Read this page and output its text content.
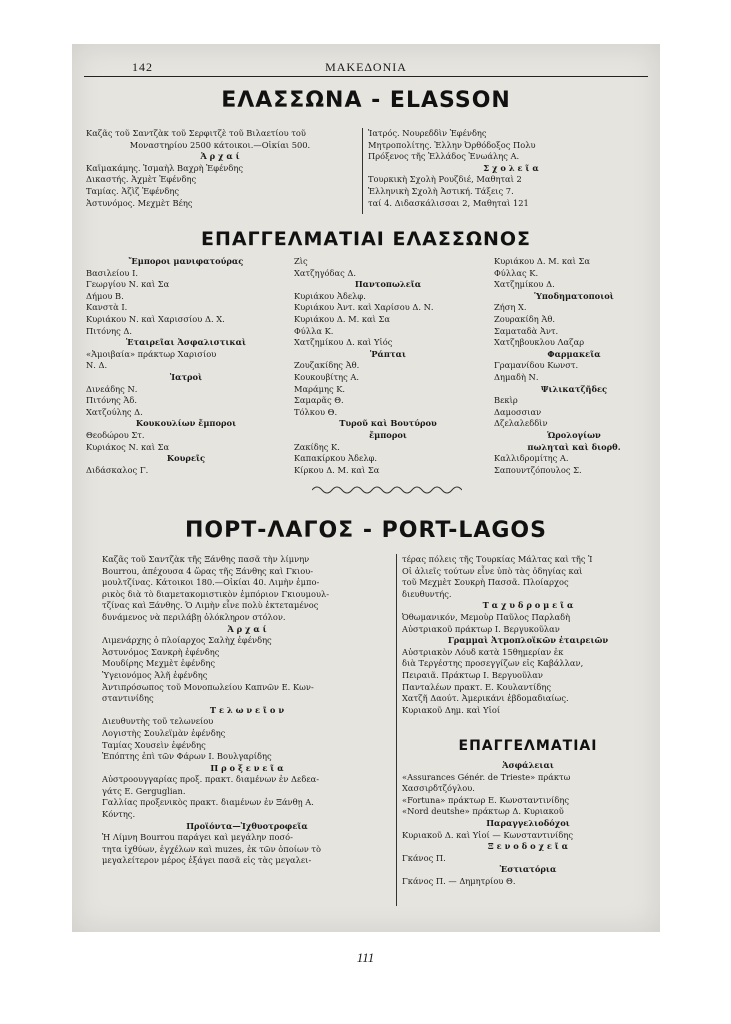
142	ΜΑΚΕΔΟΝΙΑ
ΕΛΑΣΣΩΝΑ - ELASSON
Καζᾶς τοῦ Σαντζὰκ τοῦ Σερφιτζὲ τοῦ Βιλαετίου τοῦ
Μοναστηρίου 2500 κάτοικοι.—Οἰκίαι 500.
Ἀ ρ χ α ί
Καϊμακάμης. Ἰσμαὴλ Βαχρὴ Ἐφένδης
Δικαστής. Ἀχμὲτ Ἐφένδης
Ταμίας. Ἀζὶζ Ἐφένδης
Ἀστυνόμος. Μεχμὲτ Βέης
Ἰατρός. Νουρεδδὶν Ἐφένδης
Μητροπολίτης. Ἑλλην Ὀρθόδοξος Πολυ
Πρόξενος τῆς Ἑλλάδος Ἐνωάλης Α.
Σ χ ο λ ε ῖ α
Τουρκικὴ Σχολὴ Ρουζδιέ, Μαθηταὶ 2
Ἑλληνικὴ Σχολὴ Ἀστική. Τάξεις 7.
ταί 4. Διδασκάλισσαι 2, Μαθηταὶ 121
ΕΠΑΓΓΕΛΜΑΤΙΑΙ ΕΛΑΣΣΩΝΟΣ
Ἔμποροι μανιφατούρας
Βασιλείου Ι.
Γεωργίου Ν. καὶ Σα
Δήμου Β.
Κανστὰ Ι.
Κυριάκου Ν. καὶ Χαρισσίου Δ. Χ.
Πιτόνης Δ.
Ἑταιρεῖαι Ἀσφαλιστικαὶ
«Ἀμοιβαία» πράκτωρ Χαρισίου
Ν. Δ.
Ἰατροὶ
Δινεάδης Ν.
Πιτόνης Ἀδ.
Χατζούλης Δ.
Κουκουλίων ἔμποροι
Θεοδώρου Στ.
Κυριάκος Ν. καὶ Σα
Κουρεῖς
Διδάσκαλος Γ.
Ζὶς
Χατζηγόδας Δ.
Παντοπωλεῖα
Κυριάκου Ἀδελφ.
Κυριάκου Ἀντ. καὶ Χαρίσου Δ. Ν.
Κυριάκου Δ. Μ. καὶ Σα
Φύλλα Κ.
Χατζημίκου Δ. καὶ Υἱός
Ῥάπται
Ζουζακίδης Ἀθ.
Κουκουβίτης Α.
Μαράμης Κ.
Σαμαρᾶς Θ.
Τόλκου Θ.
Τυροῦ καὶ Βουτύρου
ἔμποροι
Ζακίδης Κ.
Καπακίρκου Ἀδελφ.
Κίρκου Δ. Μ. καὶ Σα
Κυριάκου Δ. Μ. καὶ Σα
Φύλλας Κ.
Χατζημίκου Δ.
Ὑποδηματοποιοὶ
Ζήση Χ.
Ζουρακίδη Ἀθ.
Σαματαδὰ Ἀντ.
Χατζηβουκλου Λαζαρ
Φαρμακεῖα
Γραμανίδου Κωνστ.
Δημαδὴ Ν.
Ψιλικατζῆδες
Βεκὶρ
Δαμοσσιαν
Δζελαλεδδὶν
Ὡρολογίων
πωληταὶ καὶ διορθ.
Καλλιδρομίτης Α.
Σαπουντζόπουλος Σ.
ΠΟΡΤ-ΛΑΓΟΣ - PORT-LAGOS
Καζᾶς τοῦ Σαντζὰκ τῆς Ξάνθης πασᾶ τὴν λίμνην
Bourrou, ἀπέχουσα 4 ὥρας τῆς Ξάνθης καὶ Γκιου-
μουλτζίνας. Κάτοικοι 180.—Οἰκίαι 40. Λιμὴν ἐμπο-
ρικὸς διὰ τὸ διαμετακομιστικὸν ἐμπόριον Γκιουμουλ-
τζίνας καὶ Ξάνθης. Ὁ Λιμὴν εἶνε πολὺ ἐκτεταμένος
δυνάμενος νὰ περιλάβῃ ὁλόκληρον στόλον.
Ἀ ρ χ α ί
Λιμενάρχης ὁ πλοίαρχος Σαλὴχ ἐφένδης
Ἀστυνόμος Σανκρὴ ἐφένδης
Μουδίρης Μεχμὲτ ἐφένδης
Ὑγειονόμος Ἀλῆ ἐφένδης
Ἀντιπρόσωπος τοῦ Μονοπωλείου Καπνῶν Ε. Κων-
σταντινίδης
Τ ε λ ω ν ε ῖ ο ν
Διευθυντὴς τοῦ τελωνείου
Λογιστὴς Σουλεϊμὰν ἐφένδης
Ταμίας Χουσεὶν ἐφένδης
Ἐπόπτης ἐπὶ τῶν Φάρων Ι. Βουλγαρίδης
Π ρ ο ξ ε ν ε ῖ α
Αὐστροουγγαρίας προξ. πρακτ. διαμένων ἐν Δεδεα-
γάτς Ε. Gerguglian.
Γαλλίας προξενικὸς πρακτ. διαμένων ἐν Ξάνθῃ Α.
Κόντης.
Προϊόντα—Ἰχθυοτροφεῖα
Ἡ Λίμνη Bourrou παράγει καὶ μεγάλην ποσό-
τητα ἰχθύων, ἐγχέλων καὶ muzes, ἐκ τῶν ὁποίων τὸ
μεγαλείτερον μέρος ἐξάγει πασᾶ εἰς τὰς μεγαλει-
τέρας πόλεις τῆς Τουρκίας Μάλτας καὶ τῆς Ἰ
Οἱ ἁλιεῖς τούτων εἶνε ὑπὸ τὰς ὁδηγίας καὶ
τοῦ Μεχμὲτ Σουκρὴ Πασσᾶ. Πλοίαρχος
διευθυντής.
Τ α χ υ δ ρ ο μ ε ῖ α
Ὀθωμανικόν, Μεμοὺρ Παῦλος Παρλαδὴ
Αὐστριακοῦ πράκτωρ Ι. Βεργυκοῦλαν
Γραμμαὶ Ἀτμοπλοϊκῶν ἑταιρειῶν
Αὐστριακὸν Λόυδ κατὰ 15θημερίαν ἐκ
διὰ Τεργέστης προσεγγίζων εἰς Καβάλλαν,
Πειραιᾶ. Πράκτωρ Ι. Βεργυοῦλαν
Πανταλέων πρακτ. Ε. Κουλαντίδης
Χατζῆ Δαούτ. Ἀμερικάνι ἑβδομαδιαίως.
Κυριακοῦ Δημ. καὶ Υἱοί
ΕΠΑΓΓΕΛΜΑΤΙΑΙ
Ἀσφάλειαι
«Assurances Génér. de Trieste» πράκτω
Χασσιρδτζόγλου.
«Fortuna» πράκτωρ Ε. Κωνσταντινίδης
«Nord deutshe» πράκτωρ Δ. Κυριακοῦ
Παραγγελιοδόχοι
Κυριακοῦ Δ. καὶ Υἱοί — Κωνσταντινίδης
Ξ ε ν ο δ ο χ ε ῖ α
Γκάνος Π.
Ἑστιατόρια
Γκάνος Π. — Δημητρίου Θ.
111
